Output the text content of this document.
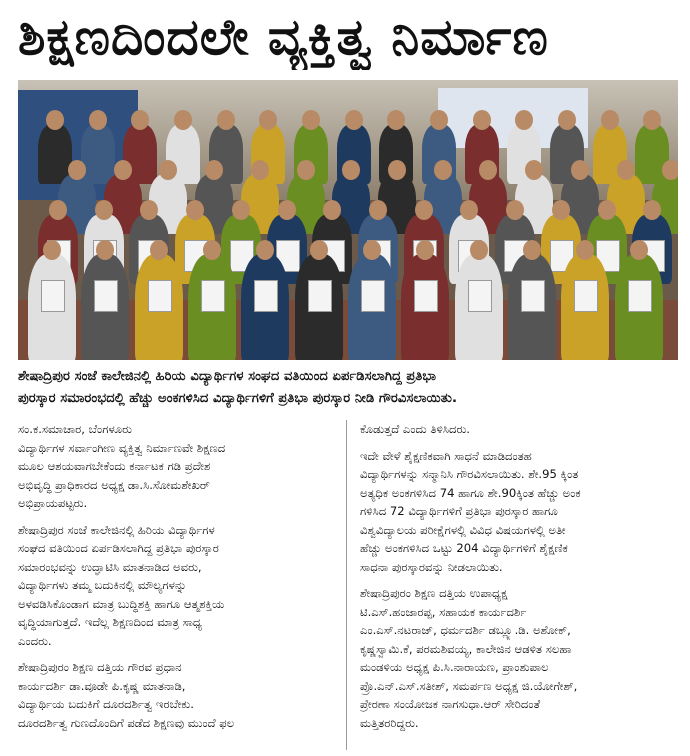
ಶಿಕ್ಷಣದಿಂದಲೇ ವ್ಯಕ್ತಿತ್ವ ನಿರ್ಮಾಣ
ಶೇಷಾದ್ರಿಪುರ ಸಂಜೆ ಕಾಲೇಜಿನಲ್ಲಿ ಹಿರಿಯ ವಿದ್ಯಾರ್ಥಿಗಳ ಸಂಘದ ವತಿಯಿಂದ ಏರ್ಪಡಿಸಲಾಗಿದ್ದ ಪ್ರತಿಭಾ
ಪುರಸ್ಕಾರ ಸಮಾರಂಭದಲ್ಲಿ ಹೆಚ್ಚು ಅಂಕಗಳಿಸಿದ ವಿದ್ಯಾರ್ಥಿಗಳಿಗೆ ಪ್ರತಿಭಾ ಪುರಸ್ಕಾರ ನೀಡಿ ಗೌರವಿಸಲಾಯಿತು.
ಸಂ.ಕ.ಸಮಾಚಾರ, ಬೆಂಗಳೂರು
ವಿದ್ಯಾರ್ಥಿಗಳ ಸರ್ವಾಂಗೀಣ ವ್ಯಕ್ತಿತ್ವ ನಿರ್ಮಾಣವೇ ಶಿಕ್ಷಣದ
ಮೂಲ ಆಶಯವಾಗಬೇಕೆಂದು ಕರ್ನಾಟಕ ಗಡಿ ಪ್ರದೇಶ
ಅಭಿವೃದ್ಧಿ ಪ್ರಾಧಿಕಾರದ ಅಧ್ಯಕ್ಷ ಡಾ.ಸಿ.ಸೋಮಶೇಖರ್
ಅಭಿಪ್ರಾಯಪಟ್ಟರು.
ಶೇಷಾದ್ರಿಪುರ ಸಂಜೆ ಕಾಲೇಜಿನಲ್ಲಿ ಹಿರಿಯ ವಿದ್ಯಾರ್ಥಿಗಳ
ಸಂಘದ ವತಿಯಿಂದ ಏರ್ಪಡಿಸಲಾಗಿದ್ದ ಪ್ರತಿಭಾ ಪುರಸ್ಕಾರ
ಸಮಾರಂಭವನ್ನು ಉದ್ಘಾಟಿಸಿ ಮಾತನಾಡಿದ ಅವರು,
ವಿದ್ಯಾರ್ಥಿಗಳು ತಮ್ಮ ಬದುಕಿನಲ್ಲಿ ಮೌಲ್ಯಗಳನ್ನು
ಅಳವಡಿಸಿಕೊಂಡಾಗ ಮಾತ್ರ ಬುದ್ಧಿಶಕ್ತಿ ಹಾಗೂ ಆತ್ಮಶಕ್ತಿಯ
ವೃದ್ಧಿಯಾಗುತ್ತದೆ. ಇದೆಲ್ಲ ಶಿಕ್ಷಣದಿಂದ ಮಾತ್ರ ಸಾಧ್ಯ
ಎಂದರು.
ಶೇಷಾದ್ರಿಪುರಂ ಶಿಕ್ಷಣ ದತ್ತಿಯ ಗೌರವ ಪ್ರಧಾನ
ಕಾರ್ಯದರ್ಶಿ ಡಾ.ವೂಡೇ ಪಿ.ಕೃಷ್ಣ ಮಾತನಾಡಿ,
ವಿದ್ಯಾರ್ಥಿಯ ಬದುಕಿಗೆ ದೂರದರ್ಶಿತ್ವ ಇರಬೇಕು.
ದೂರದರ್ಶಿತ್ವ ಗುಣದೊಂದಿಗೆ ಪಡೆದ ಶಿಕ್ಷಣವು ಮುಂದೆ ಫಲ
ಕೊಡುತ್ತದೆ ಎಂದು ತಿಳಿಸಿದರು.
ಇದೇ ವೇಳೆ ಶೈಕ್ಷಣಿಕವಾಗಿ ಸಾಧನೆ ಮಾಡಿದಂತಹ
ವಿದ್ಯಾರ್ಥಿಗಳನ್ನು ಸನ್ಮಾನಿಸಿ ಗೌರವಿಸಲಾಯಿತು. ಶೇ.95 ಕ್ಕಿಂತ
ಅತ್ಯಧಿಕ ಅಂಕಗಳಿಸಿದ 74 ಹಾಗೂ ಶೇ.90ಕ್ಕಿಂತ ಹೆಚ್ಚು ಅಂಕ
ಗಳಿಸಿದ 72 ವಿದ್ಯಾರ್ಥಿಗಳಿಗೆ ಪ್ರತಿಭಾ ಪುರಸ್ಕಾರ ಹಾಗೂ
ವಿಶ್ವವಿದ್ಯಾಲಯ ಪರೀಕ್ಷೆಗಳಲ್ಲಿ ವಿವಿಧ ವಿಷಯಗಳಲ್ಲಿ ಅತೀ
ಹೆಚ್ಚು ಅಂಕಗಳಿಸಿದ ಒಟ್ಟು 204 ವಿದ್ಯಾರ್ಥಿಗಳಿಗೆ ಶೈಕ್ಷಣಿಕ
ಸಾಧನಾ ಪುರಸ್ಕಾರವನ್ನು ನೀಡಲಾಯಿತು.
ಶೇಷಾದ್ರಿಪುರಂ ಶಿಕ್ಷಣ ದತ್ತಿಯ ಉಪಾಧ್ಯಕ್ಷ
ಟಿ.ಎಸ್.ಹಂಜಾರಪ್ಪ, ಸಹಾಯಕ ಕಾರ್ಯದರ್ಶಿ
ಎಂ.ಎಸ್.ನಟರಾಜ್, ಧರ್ಮದರ್ಶಿ ಡಬ್ಲ್ಯೂ.ಡಿ. ಅಶೋಕ್,
ಕೃಷ್ಣಸ್ವಾಮಿ.ಕೆ, ಪರಮಶಿವಯ್ಯ, ಕಾಲೇಜಿನ ಆಡಳಿತ ಸಲಹಾ
ಮಂಡಳಿಯ ಅಧ್ಯಕ್ಷ ಪಿ.ಸಿ.ನಾರಾಯಣ, ಪ್ರಾಂಶುಪಾಲ
ಪ್ರೊ.ಎನ್.ಎಸ್.ಸತೀಶ್, ಸಮರ್ಪಣ ಅಧ್ಯಕ್ಷ ಜಿ.ಯೋಗೇಶ್,
ಪ್ರೇರಣಾ ಸಂಯೋಜಕ ನಾಗಸುಧಾ.ಆರ್ ಸೇರಿದಂತೆ
ಮತ್ತಿತರರಿದ್ದರು.
